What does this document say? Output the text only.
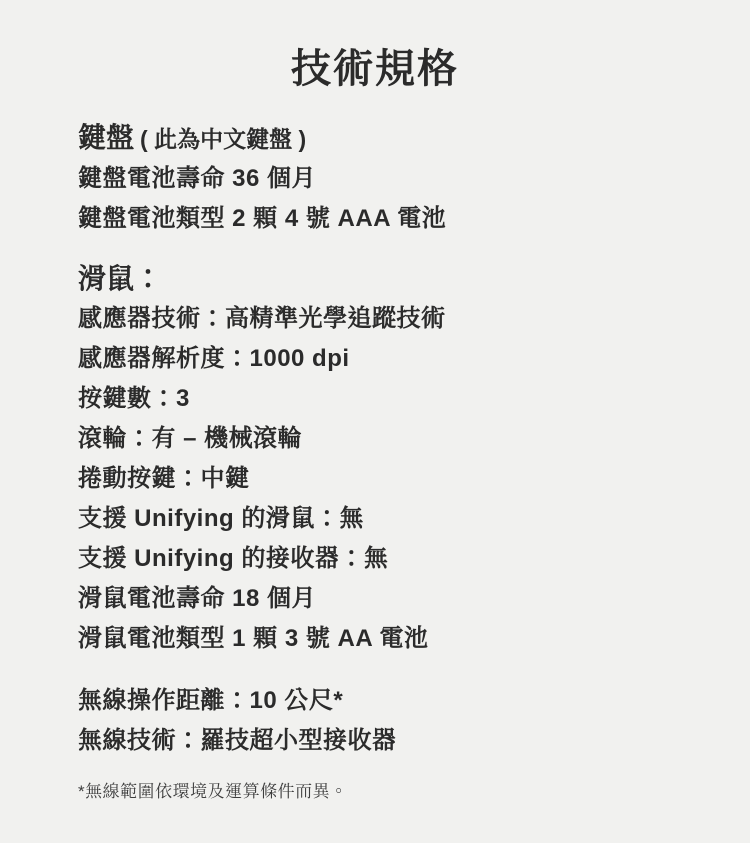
技術規格
鍵盤 ( 此為中文鍵盤 )
鍵盤電池壽命 36 個月
鍵盤電池類型 2 顆 4 號 AAA 電池
滑鼠：
感應器技術：高精準光學追蹤技術
感應器解析度：1000 dpi
按鍵數：3
滾輪：有 – 機械滾輪
捲動按鍵：中鍵
支援 Unifying 的滑鼠：無
支援 Unifying 的接收器：無
滑鼠電池壽命 18 個月
滑鼠電池類型 1 顆 3 號 AA 電池
無線操作距離：10 公尺*
無線技術：羅技超小型接收器
*無線範圍依環境及運算條件而異。
